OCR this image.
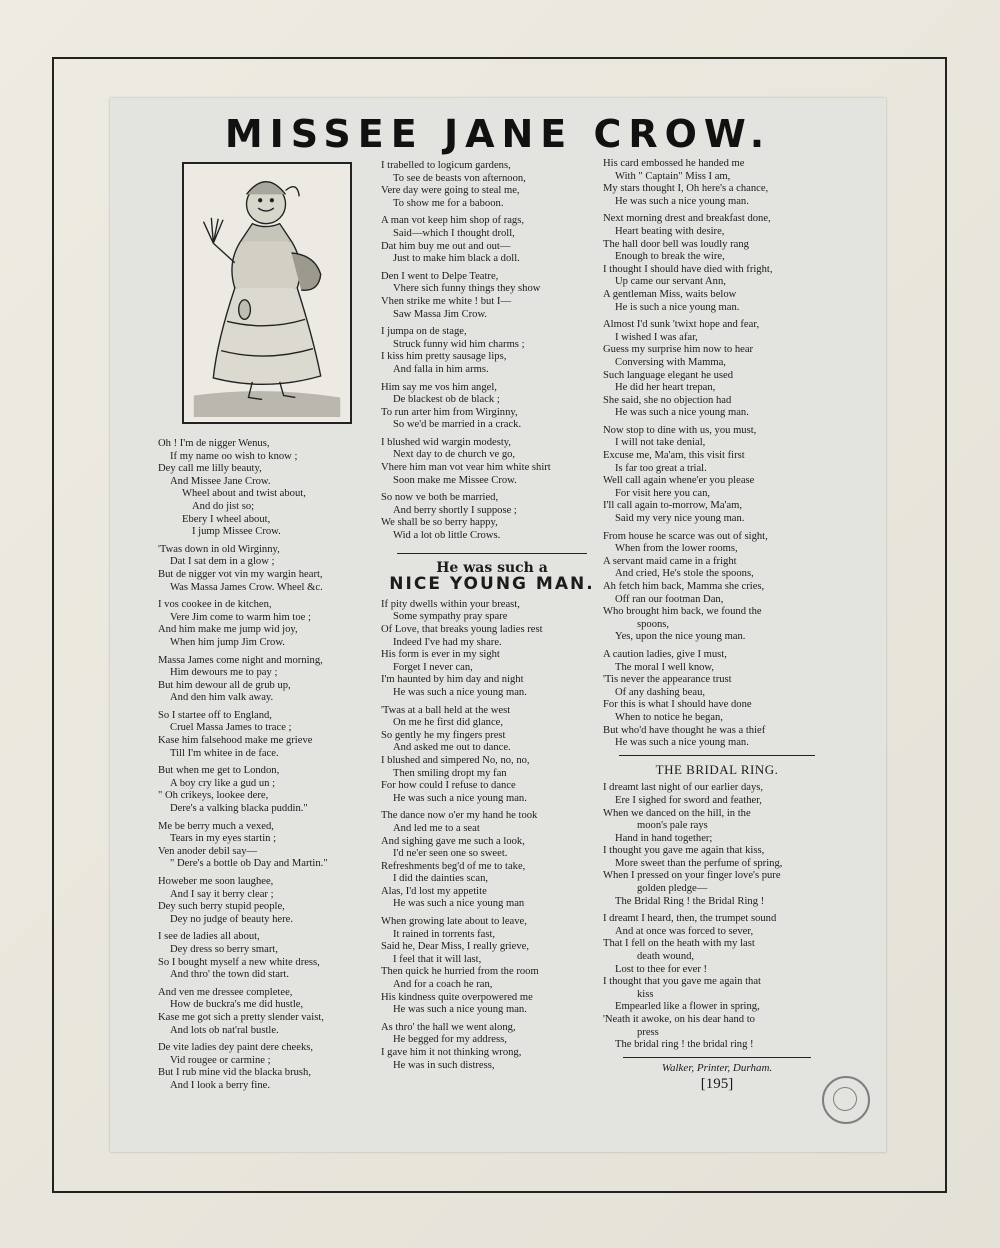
MISSEE JANE CROW.
Oh ! I'm de nigger Wenus,
If my name oo wish to know ;
Dey call me lilly beauty,
And Missee Jane Crow.
Wheel about and twist about,
And do jist so;
Ebery I wheel about,
I jump Missee Crow.
'Twas down in old Wirginny,
Dat I sat dem in a glow ;
But de nigger vot vin my wargin heart,
Was Massa James Crow. Wheel &c.
I vos cookee in de kitchen,
Vere Jim come to warm him toe ;
And him make me jump wid joy,
When him jump Jim Crow.
Massa James come night and morning,
Him dewours me to pay ;
But him dewour all de grub up,
And den him valk away.
So I startee off to England,
Cruel Massa James to trace ;
Kase him falsehood make me grieve
Till I'm whitee in de face.
But when me get to London,
A boy cry like a gud un ;
" Oh crikeys, lookee dere,
Dere's a valking blacka puddin."
Me be berry much a vexed,
Tears in my eyes startin ;
Ven anoder debil say—
" Dere's a bottle ob Day and Martin."
Howeber me soon laughee,
And I say it berry clear ;
Dey such berry stupid people,
Dey no judge of beauty here.
I see de ladies all about,
Dey dress so berry smart,
So I bought myself a new white dress,
And thro' the town did start.
And ven me dressee completee,
How de buckra's me did hustle,
Kase me got sich a pretty slender vaist,
And lots ob nat'ral bustle.
De vite ladies dey paint dere cheeks,
Vid rougee or carmine ;
But I rub mine vid the blacka brush,
And I look a berry fine.
I trabelled to logicum gardens,
To see de beasts von afternoon,
Vere day were going to steal me,
To show me for a baboon.
A man vot keep him shop of rags,
Said—which I thought droll,
Dat him buy me out and out—
Just to make him black a doll.
Den I went to Delpe Teatre,
Vhere sich funny things they show
Vhen strike me white ! but I—
Saw Massa Jim Crow.
I jumpa on de stage,
Struck funny wid him charms ;
I kiss him pretty sausage lips,
And falla in him arms.
Him say me vos him angel,
De blackest ob de black ;
To run arter him from Wirginny,
So we'd be married in a crack.
I blushed wid wargin modesty,
Next day to de church ve go,
Vhere him man vot vear him white shirt
Soon make me Missee Crow.
So now ve both be married,
And berry shortly I suppose ;
We shall be so berry happy,
Wid a lot ob little Crows.
He was such a
NICE YOUNG MAN.
If pity dwells within your breast,
Some sympathy pray spare
Of Love, that breaks young ladies rest
Indeed I've had my share.
His form is ever in my sight
Forget I never can,
I'm haunted by him day and night
He was such a nice young man.
'Twas at a ball held at the west
On me he first did glance,
So gently he my fingers prest
And asked me out to dance.
I blushed and simpered No, no, no,
Then smiling dropt my fan
For how could I refuse to dance
He was such a nice young man.
The dance now o'er my hand he took
And led me to a seat
And sighing gave me such a look,
I'd ne'er seen one so sweet.
Refreshments beg'd of me to take,
I did the dainties scan,
Alas, I'd lost my appetite
He was such a nice young man
When growing late about to leave,
It rained in torrents fast,
Said he, Dear Miss, I really grieve,
I feel that it will last,
Then quick he hurried from the room
And for a coach he ran,
His kindness quite overpowered me
He was such a nice young man.
As thro' the hall we went along,
He begged for my address,
I gave him it not thinking wrong,
He was in such distress,
His card embossed he handed me
With " Captain" Miss I am,
My stars thought I, Oh here's a chance,
He was such a nice young man.
Next morning drest and breakfast done,
Heart beating with desire,
The hall door bell was loudly rang
Enough to break the wire,
I thought I should have died with fright,
Up came our servant Ann,
A gentleman Miss, waits below
He is such a nice young man.
Almost I'd sunk 'twixt hope and fear,
I wished I was afar,
Guess my surprise him now to hear
Conversing with Mamma,
Such language elegant he used
He did her heart trepan,
She said, she no objection had
He was such a nice young man.
Now stop to dine with us, you must,
I will not take denial,
Excuse me, Ma'am, this visit first
Is far too great a trial.
Well call again whene'er you please
For visit here you can,
I'll call again to-morrow, Ma'am,
Said my very nice young man.
From house he scarce was out of sight,
When from the lower rooms,
A servant maid came in a fright
And cried, He's stole the spoons,
Ah fetch him back, Mamma she cries,
Off ran our footman Dan,
Who brought him back, we found the
spoons,
Yes, upon the nice young man.
A caution ladies, give I must,
The moral I well know,
'Tis never the appearance trust
Of any dashing beau,
For this is what I should have done
When to notice he began,
But who'd have thought he was a thief
He was such a nice young man.
THE BRIDAL RING.
I dreamt last night of our earlier days,
Ere I sighed for sword and feather,
When we danced on the hill, in the
moon's pale rays
Hand in hand together;
I thought you gave me again that kiss,
More sweet than the perfume of spring,
When I pressed on your finger love's pure
golden pledge—
The Bridal Ring ! the Bridal Ring !
I dreamt I heard, then, the trumpet sound
And at once was forced to sever,
That I fell on the heath with my last
death wound,
Lost to thee for ever !
I thought that you gave me again that
kiss
Empearled like a flower in spring,
'Neath it awoke, on his dear hand to
press
The bridal ring ! the bridal ring !
Walker, Printer, Durham.
[195]
